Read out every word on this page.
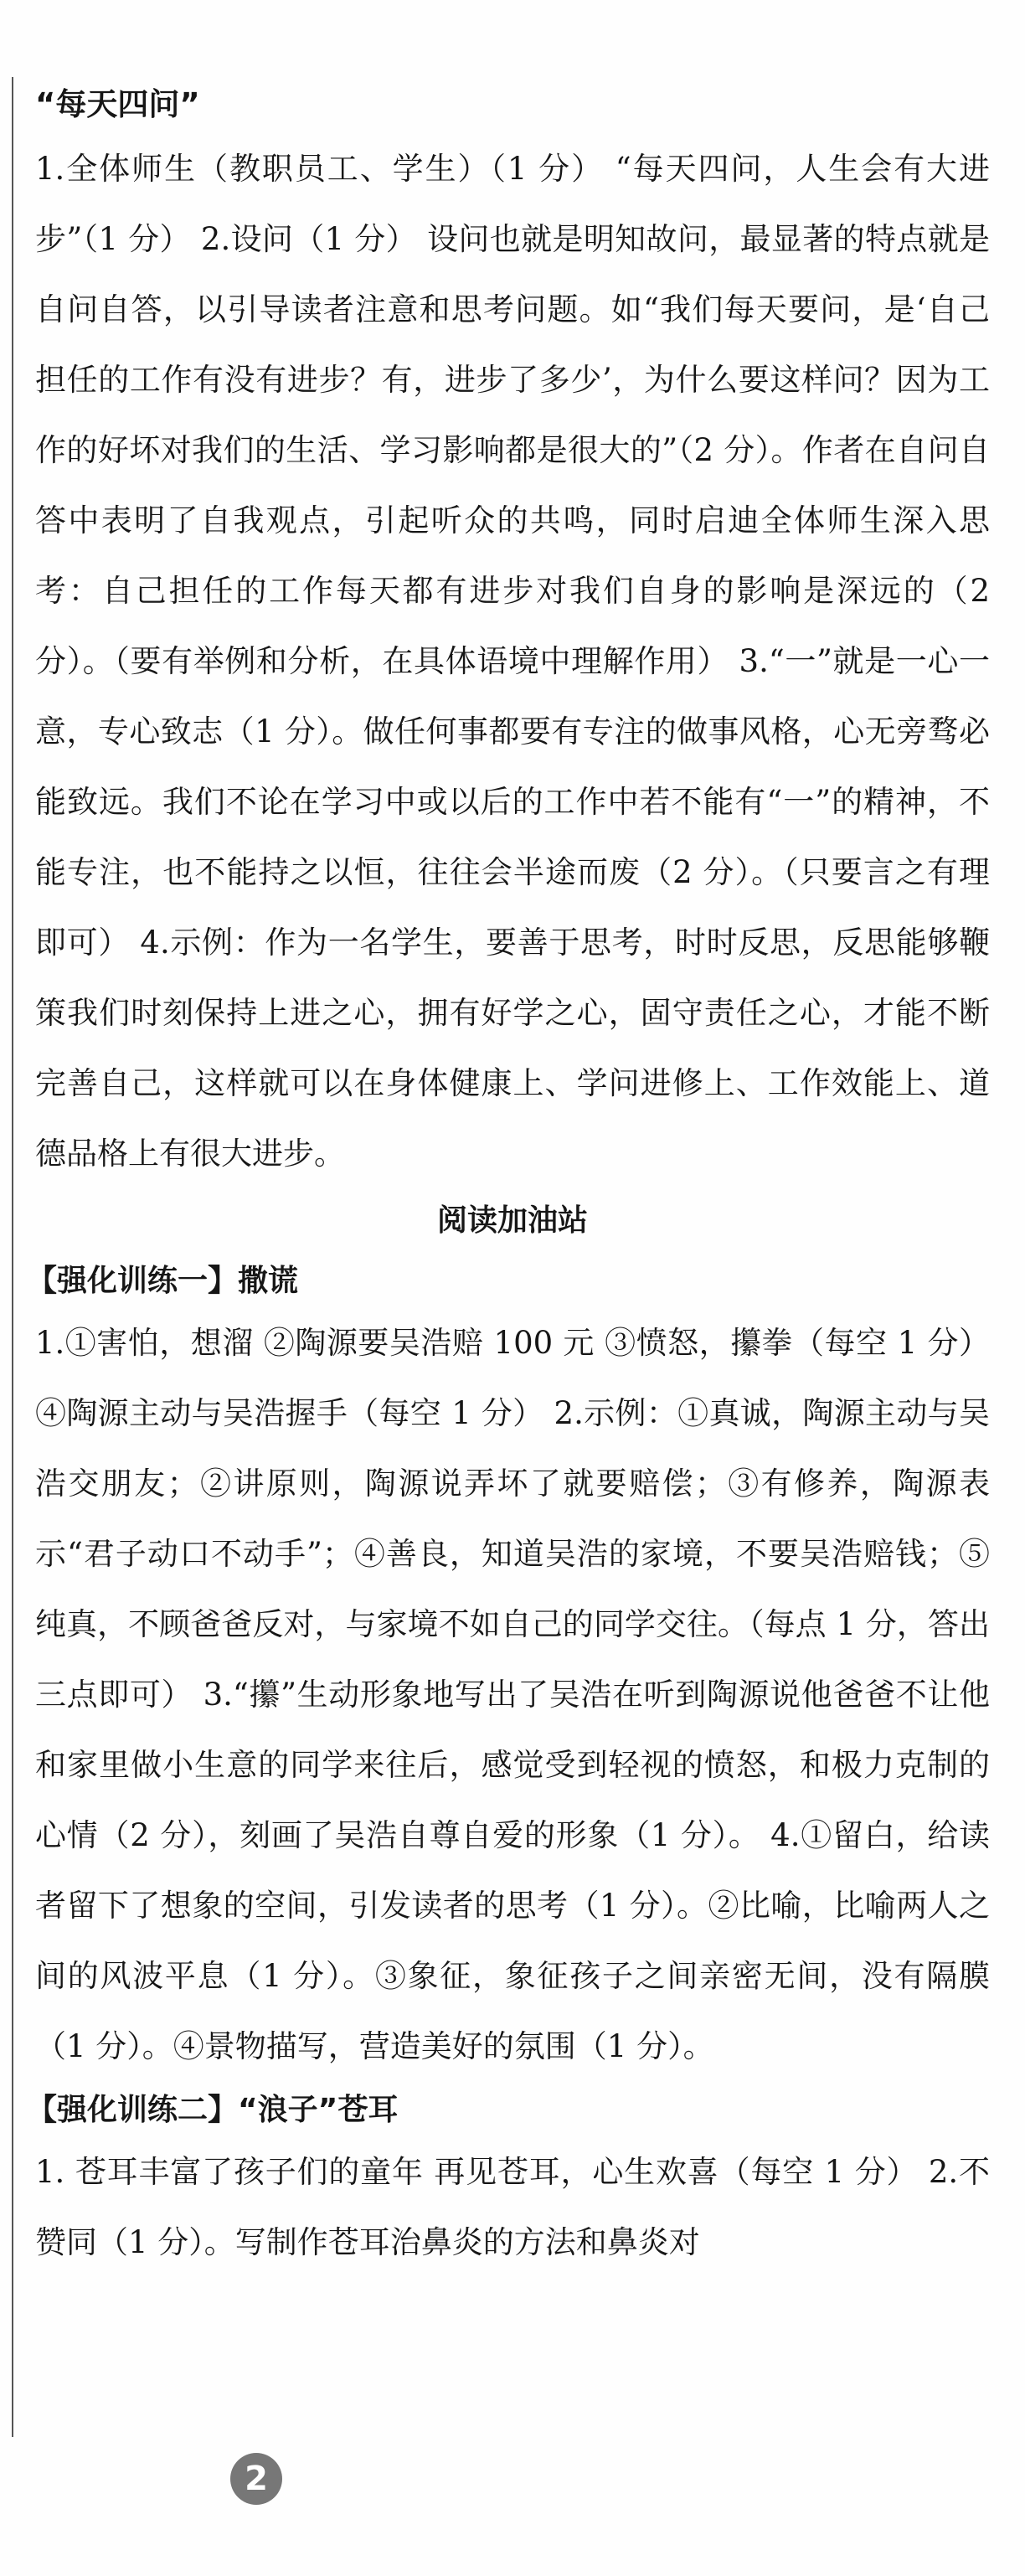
“每天四问”

1.全体师生（教职员工、学生）（1 分） “每天四问，人生会有大进步”（1 分） 2.设问（1 分） 设问也就是明知故问，最显著的特点就是自问自答，以引导读者注意和思考问题。如“我们每天要问，是‘自己担任的工作有没有进步？有，进步了多少’，为什么要这样问？因为工作的好坏对我们的生活、学习影响都是很大的”（2 分）。作者在自问自答中表明了自我观点，引起听众的共鸣，同时启迪全体师生深入思考：自己担任的工作每天都有进步对我们自身的影响是深远的（2 分）。（要有举例和分析，在具体语境中理解作用） 3.“一”就是一心一意，专心致志（1 分）。做任何事都要有专注的做事风格，心无旁骛必能致远。我们不论在学习中或以后的工作中若不能有“一”的精神，不能专注，也不能持之以恒，往往会半途而废（2 分）。（只要言之有理即可） 4.示例：作为一名学生，要善于思考，时时反思，反思能够鞭策我们时刻保持上进之心，拥有好学之心，固守责任之心，才能不断完善自己，这样就可以在身体健康上、学问进修上、工作效能上、道德品格上有很大进步。

阅读加油站

【强化训练一】撒谎

1.①害怕，想溜 ②陶源要吴浩赔 100 元 ③愤怒，攥拳（每空 1 分） ④陶源主动与吴浩握手（每空 1 分） 2.示例：①真诚，陶源主动与吴浩交朋友；②讲原则，陶源说弄坏了就要赔偿；③有修养，陶源表示“君子动口不动手”；④善良，知道吴浩的家境，不要吴浩赔钱；⑤纯真，不顾爸爸反对，与家境不如自己的同学交往。（每点 1 分，答出三点即可） 3.“攥”生动形象地写出了吴浩在听到陶源说他爸爸不让他和家里做小生意的同学来往后，感觉受到轻视的愤怒，和极力克制的心情（2 分），刻画了吴浩自尊自爱的形象（1 分）。 4.①留白，给读者留下了想象的空间，引发读者的思考（1 分）。②比喻，比喻两人之间的风波平息（1 分）。③象征，象征孩子之间亲密无间，没有隔膜（1 分）。④景物描写，营造美好的氛围（1 分）。

【强化训练二】“浪子”苍耳

1. 苍耳丰富了孩子们的童年 再见苍耳，心生欢喜（每空 1 分） 2.不赞同（1 分）。写制作苍耳治鼻炎的方法和鼻炎对

2
